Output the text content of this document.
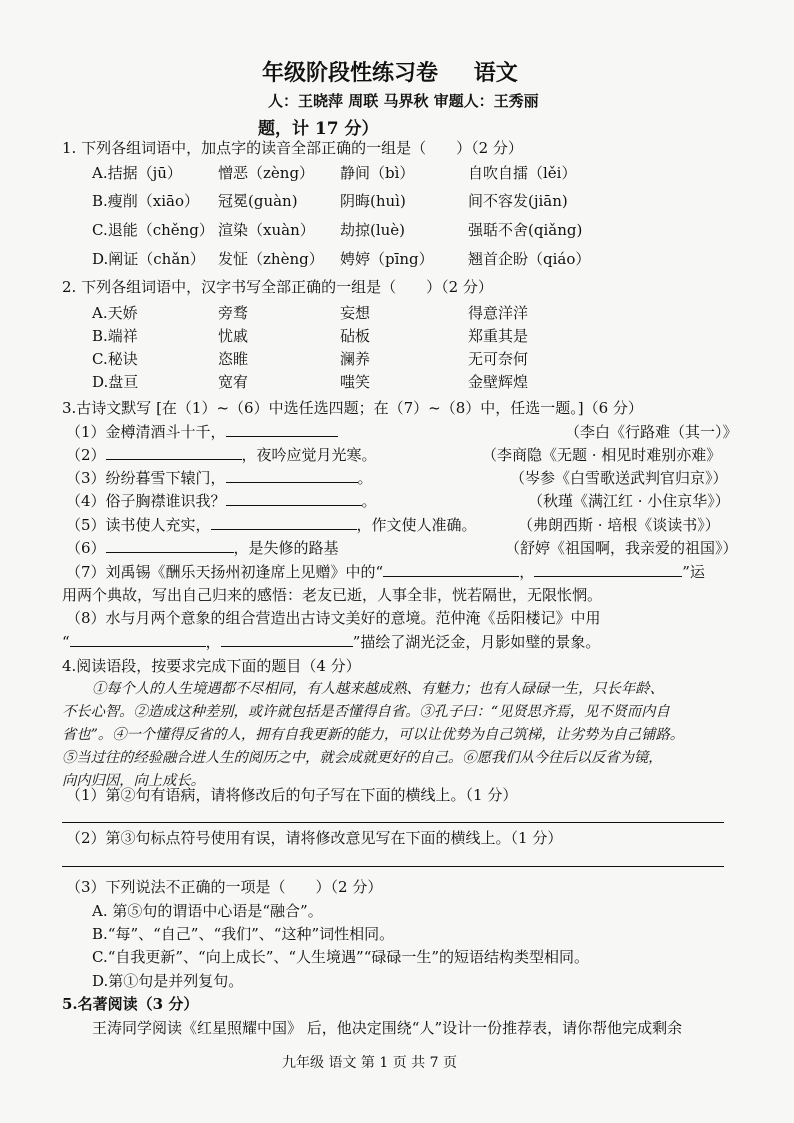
年级阶段性练习卷 语文
人：王晓萍 周联 马界秋 审题人：王秀丽
题，计 17 分）
1. 下列各组词语中，加点字的读音全部正确的一组是（　　）（2 分）
A.拮据（jū） 憎恶（zèng） 静间（bì）	自吹自擂（lěi）
B.瘦削（xiāo） 冠冕(guàn)	阴晦(huì)	间不容发(jiān)
C.退能（chěng） 渲染（xuàn） 劫掠(luè)	强聒不舍(qiǎng)
D.阐证（chǎn） 发怔（zhèng） 娉婷（pīng） 翘首企盼（qiáo）
2. 下列各组词语中，汉字书写全部正确的一组是（　　）（2 分）
A.天娇	旁骛	妄想	得意洋洋
B.端祥	忧戚	砧板	郑重其是
C.秘诀	恣睢	澜养	无可奈何
D.盘亘	宽宥	嗤笑	金壁辉煌
3.古诗文默写 [在（1）~（6）中选任选四题；在（7）~（8）中，任选一题。]（6 分）
（1）金樽清酒斗十千，	（李白《行路难（其一）》
（2）	，夜吟应觉月光寒。	（李商隐《无题 · 相见时难别亦难》
（3）纷纷暮雪下辕门，	。	（岑参《白雪歌送武判官归京》）
（4）俗子胸襟谁识我？	。	（秋瑾《满江红 · 小住京华》）
（5）读书使人充实，	，作文使人准确。	（弗朗西斯 · 培根《谈读书》）
（6）	，是失修的路基	（舒婷《祖国啊，我亲爱的祖国》）
（7）刘禹锡《酬乐天扬州初逢席上见赠》中的“	，	”运
用两个典故，写出自己归来的感悟：老友已逝，人事全非，恍若隔世，无限怅惘。
（8）水与月两个意象的组合营造出古诗文美好的意境。范仲淹《岳阳楼记》中用
“	，	”描绘了湖光泛金，月影如璧的景象。
4.阅读语段，按要求完成下面的题目（4 分）
①每个人的人生境遇都不尽相同，有人越来越成熟、有魅力；也有人碌碌一生，只长年龄、
不长心智。②造成这种差别，或许就包括是否懂得自省。③孔子曰：“见贤思齐焉，见不贤而内自
省也”。④一个懂得反省的人，拥有自我更新的能力，可以让优势为自己筑梯，让劣势为自己铺路。
⑤当过往的经验融合进人生的阅历之中，就会成就更好的自己。⑥愿我们从今往后以反省为镜，
向内归因，向上成长。
（1）第②句有语病，请将修改后的句子写在下面的横线上。（1 分）
（2）第③句标点符号使用有误，请将修改意见写在下面的横线上。（1 分）
（3）下列说法不正确的一项是（　　）（2 分）
A. 第⑤句的谓语中心语是“融合”。
B.“每”、“自己”、“我们”、“这种”词性相同。
C.“自我更新”、“向上成长”、“人生境遇”“碌碌一生”的短语结构类型相同。
D.第①句是并列复句。
5.名著阅读（3 分）
王涛同学阅读《红星照耀中国》 后，他决定围绕“人”设计一份推荐表，请你帮他完成剩余
九年级 语文 第 1 页 共 7 页
